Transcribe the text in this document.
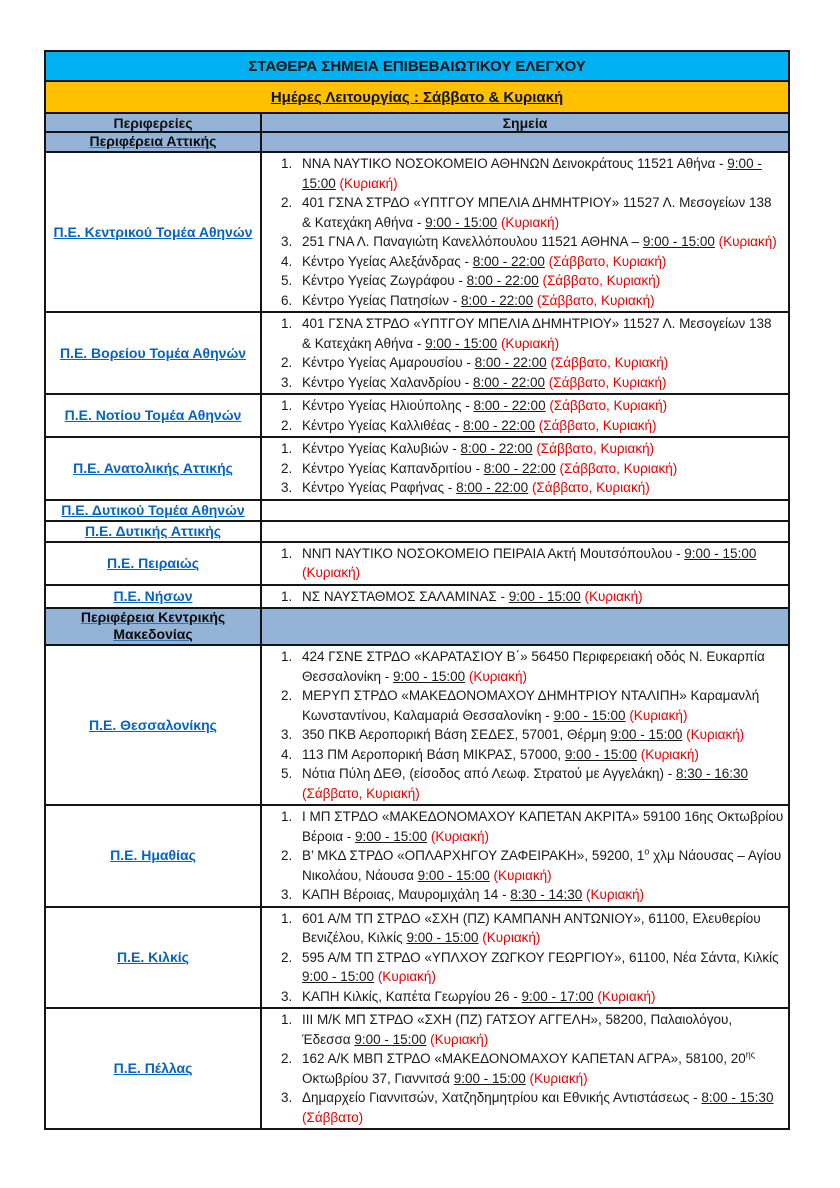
ΣΤΑΘΕΡΑ ΣΗΜΕΙΑ ΕΠΙΒΕΒΑΙΩΤΙΚΟΥ ΕΛΕΓΧΟΥ
Ημέρες Λειτουργίας : Σάββατο & Κυριακή
Περιφερείες	Σημεία
Περιφέρεια Αττικής	
Π.Ε. Κεντρικού Τομέα Αθηνών	
1. ΝΝΑ ΝΑΥΤΙΚΟ ΝΟΣΟΚΟΜΕΙΟ ΑΘΗΝΩΝ Δεινοκράτους 11521 Αθήνα - 9:00 - 15:00 (Κυριακή)
2. 401 ΓΣΝΑ ΣΤΡΔΟ «ΥΠΤΓΟΥ ΜΠΕΛΙΑ ΔΗΜΗΤΡΙΟΥ» 11527 Λ. Μεσογείων 138 & Κατεχάκη Αθήνα - 9:00 - 15:00 (Κυριακή)
3. 251 ΓΝΑ Λ. Παναγιώτη Κανελλόπουλου 11521 ΑΘΗΝΑ – 9:00 - 15:00 (Κυριακή)
4. Κέντρο Υγείας Αλεξάνδρας - 8:00 - 22:00 (Σάββατο, Κυριακή)
5. Κέντρο Υγείας Ζωγράφου - 8:00 - 22:00 (Σάββατο, Κυριακή)
6. Κέντρο Υγείας Πατησίων - 8:00 - 22:00 (Σάββατο, Κυριακή)

Π.Ε. Βορείου Τομέα Αθηνών	
1. 401 ΓΣΝΑ ΣΤΡΔΟ «ΥΠΤΓΟΥ ΜΠΕΛΙΑ ΔΗΜΗΤΡΙΟΥ» 11527 Λ. Μεσογείων 138 & Κατεχάκη Αθήνα - 9:00 - 15:00 (Κυριακή)
2. Κέντρο Υγείας Αμαρουσίου - 8:00 - 22:00 (Σάββατο, Κυριακή)
3. Κέντρο Υγείας Χαλανδρίου - 8:00 - 22:00 (Σάββατο, Κυριακή)

Π.Ε. Νοτίου Τομέα Αθηνών	
1. Κέντρο Υγείας Ηλιούπολης - 8:00 - 22:00 (Σάββατο, Κυριακή)
2. Κέντρο Υγείας Καλλιθέας - 8:00 - 22:00 (Σάββατο, Κυριακή)

Π.Ε. Ανατολικής Αττικής	
1. Κέντρο Υγείας Καλυβιών - 8:00 - 22:00 (Σάββατο, Κυριακή)
2. Κέντρο Υγείας Καπανδριτίου - 8:00 - 22:00 (Σάββατο, Κυριακή)
3. Κέντρο Υγείας Ραφήνας - 8:00 - 22:00 (Σάββατο, Κυριακή)

Π.Ε. Δυτικού Τομέα Αθηνών	
Π.Ε. Δυτικής Αττικής	
Π.Ε. Πειραιώς	
1. ΝΝΠ ΝΑΥΤΙΚΟ ΝΟΣΟΚΟΜΕΙΟ ΠΕΙΡΑΙΑ Ακτή Μουτσόπουλου - 9:00 - 15:00 (Κυριακή)

Π.Ε. Νήσων	
1.ΝΣ ΝΑΥΣΤΑΘΜΟΣ ΣΑΛΑΜΙΝΑΣ - 9:00 - 15:00 (Κυριακή)

Περιφέρεια Κεντρικής Μακεδονίας	
Π.Ε. Θεσσαλονίκης	
1. 424 ΓΣΝΕ ΣΤΡΔΟ «ΚΑΡΑΤΑΣΙΟΥ Β΄» 56450 Περιφερειακή οδός Ν. Ευκαρπία Θεσσαλονίκη - 9:00 - 15:00 (Κυριακή)
2. ΜΕΡΥΠ ΣΤΡΔΟ «ΜΑΚΕΔΟΝΟΜΑΧΟΥ ΔΗΜΗΤΡΙΟΥ ΝΤΑΛΙΠΗ» Καραμανλή Κωνσταντίνου, Καλαμαριά Θεσσαλονίκη - 9:00 - 15:00 (Κυριακή)
3. 350 ΠΚΒ Αεροπορική Βάση ΣΕΔΕΣ, 57001, Θέρμη 9:00 - 15:00 (Κυριακή)
4. 113 ΠΜ Αεροπορική Βάση ΜΙΚΡΑΣ, 57000, 9:00 - 15:00 (Κυριακή)
5. Νότια Πύλη ΔΕΘ, (είσοδος από Λεωφ. Στρατού με Αγγελάκη) - 8:30 - 16:30 (Σάββατο, Κυριακή)

Π.Ε. Ημαθίας	
1. Ι ΜΠ ΣΤΡΔΟ «ΜΑΚΕΔΟΝΟΜΑΧΟΥ ΚΑΠΕΤΑΝ ΑΚΡΙΤΑ» 59100 16ης Οκτωβρίου Βέροια - 9:00 - 15:00 (Κυριακή)
2. Β’ ΜΚΔ ΣΤΡΔΟ «ΟΠΛΑΡΧΗΓΟΥ ΖΑΦΕΙΡΑΚΗ», 59200, $1^o$ χλμ Νάουσας – Αγίου Νικολάου, Νάουσα 9:00 - 15:00 (Κυριακή)
3. ΚΑΠΗ Βέροιας, Μαυρομιχάλη 14 - 8:30 - 14:30 (Κυριακή)

Π.Ε. Κιλκίς	
1. 601 Α/Μ ΤΠ ΣΤΡΔΟ «ΣΧΗ (ΠΖ) ΚΑΜΠΑΝΗ ΑΝΤΩΝΙΟΥ», 61100, Ελευθερίου Βενιζέλου, Κιλκίς 9:00 - 15:00 (Κυριακή)
2. 595 Α/Μ ΤΠ ΣΤΡΔΟ «ΥΠΛΧΟΥ ΖΩΓΚΟΥ ΓΕΩΡΓΙΟΥ», 61100, Νέα Σάντα, Κιλκίς 9:00 - 15:00 (Κυριακή)
3. ΚΑΠΗ Κιλκίς, Καπέτα Γεωργίου 26 - 9:00 - 17:00 (Κυριακή)

Π.Ε. Πέλλας	
1. ΙΙΙ Μ/Κ ΜΠ ΣΤΡΔΟ «ΣΧΗ (ΠΖ) ΓΑΤΣΟΥ ΑΓΓΕΛΗ», 58200, Παλαιολόγου, Έδεσσα 9:00 - 15:00 (Κυριακή)
2. 162 Α/Κ ΜΒΠ ΣΤΡΔΟ «ΜΑΚΕΔΟΝΟΜΑΧΟΥ ΚΑΠΕΤΑΝ ΑΓΡΑ», 58100, $20^{\eta\varsigma}$ Οκτωβρίου 37, Γιαννιτσά 9:00 - 15:00 (Κυριακή)
3. Δημαρχείο Γιαννιτσών, Χατζηδημητρίου και Εθνικής Αντιστάσεως - 8:00 - 15:30 (Σάββατο)
